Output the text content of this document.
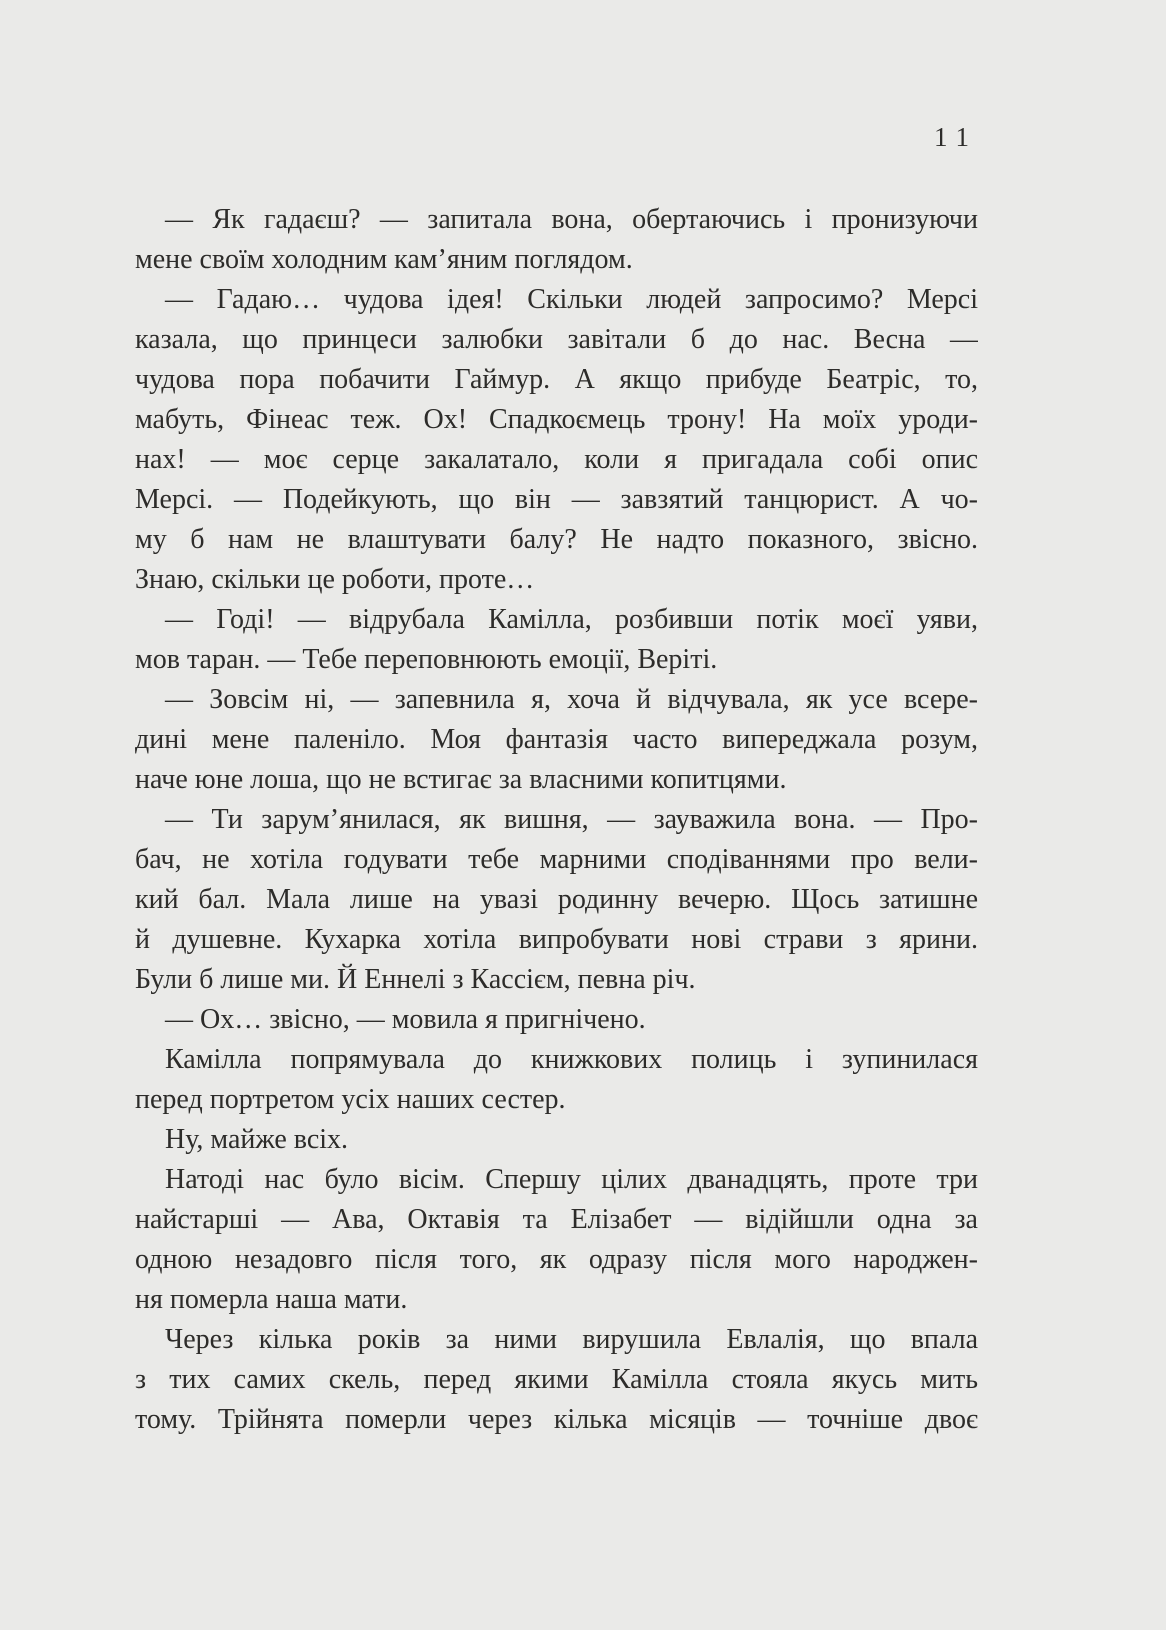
11
— Як гадаєш? — запитала вона, обертаючись і пронизуючи
мене своїм холодним кам’яним поглядом.
— Гадаю… чудова ідея! Скільки людей запросимо? Мерсі
казала, що принцеси залюбки завітали б до нас. Весна —
чудова пора побачити Гаймур. А якщо прибуде Беатріс, то,
мабуть, Фінеас теж. Ох! Спадкоємець трону! На моїх уроди-
нах! — моє серце закалатало, коли я пригадала собі опис
Мерсі. — Подейкують, що він — завзятий танцюрист. А чо-
му б нам не влаштувати балу? Не надто показного, звісно.
Знаю, скільки це роботи, проте…
— Годі! — відрубала Камілла, розбивши потік моєї уяви,
мов таран. — Тебе переповнюють емоції, Веріті.
— Зовсім ні, — запевнила я, хоча й відчувала, як усе всере-
дині мене паленіло. Моя фантазія часто випереджала розум,
наче юне лоша, що не встигає за власними копитцями.
— Ти зарум’янилася, як вишня, — зауважила вона. — Про-
бач, не хотіла годувати тебе марними сподіваннями про вели-
кий бал. Мала лише на увазі родинну вечерю. Щось затишне
й душевне. Кухарка хотіла випробувати нові страви з ярини.
Були б лише ми. Й Еннелі з Кассієм, певна річ.
— Ох… звісно, — мовила я пригнічено.
Камілла попрямувала до книжкових полиць і зупинилася
перед портретом усіх наших сестер.
Ну, майже всіх.
Натоді нас було вісім. Спершу цілих дванадцять, проте три
найстарші — Ава, Октавія та Елізабет — відійшли одна за
одною незадовго після того, як одразу після мого народжен-
ня померла наша мати.
Через кілька років за ними вирушила Евлалія, що впала
з тих самих скель, перед якими Камілла стояла якусь мить
тому. Трійнята померли через кілька місяців — точніше двоє
